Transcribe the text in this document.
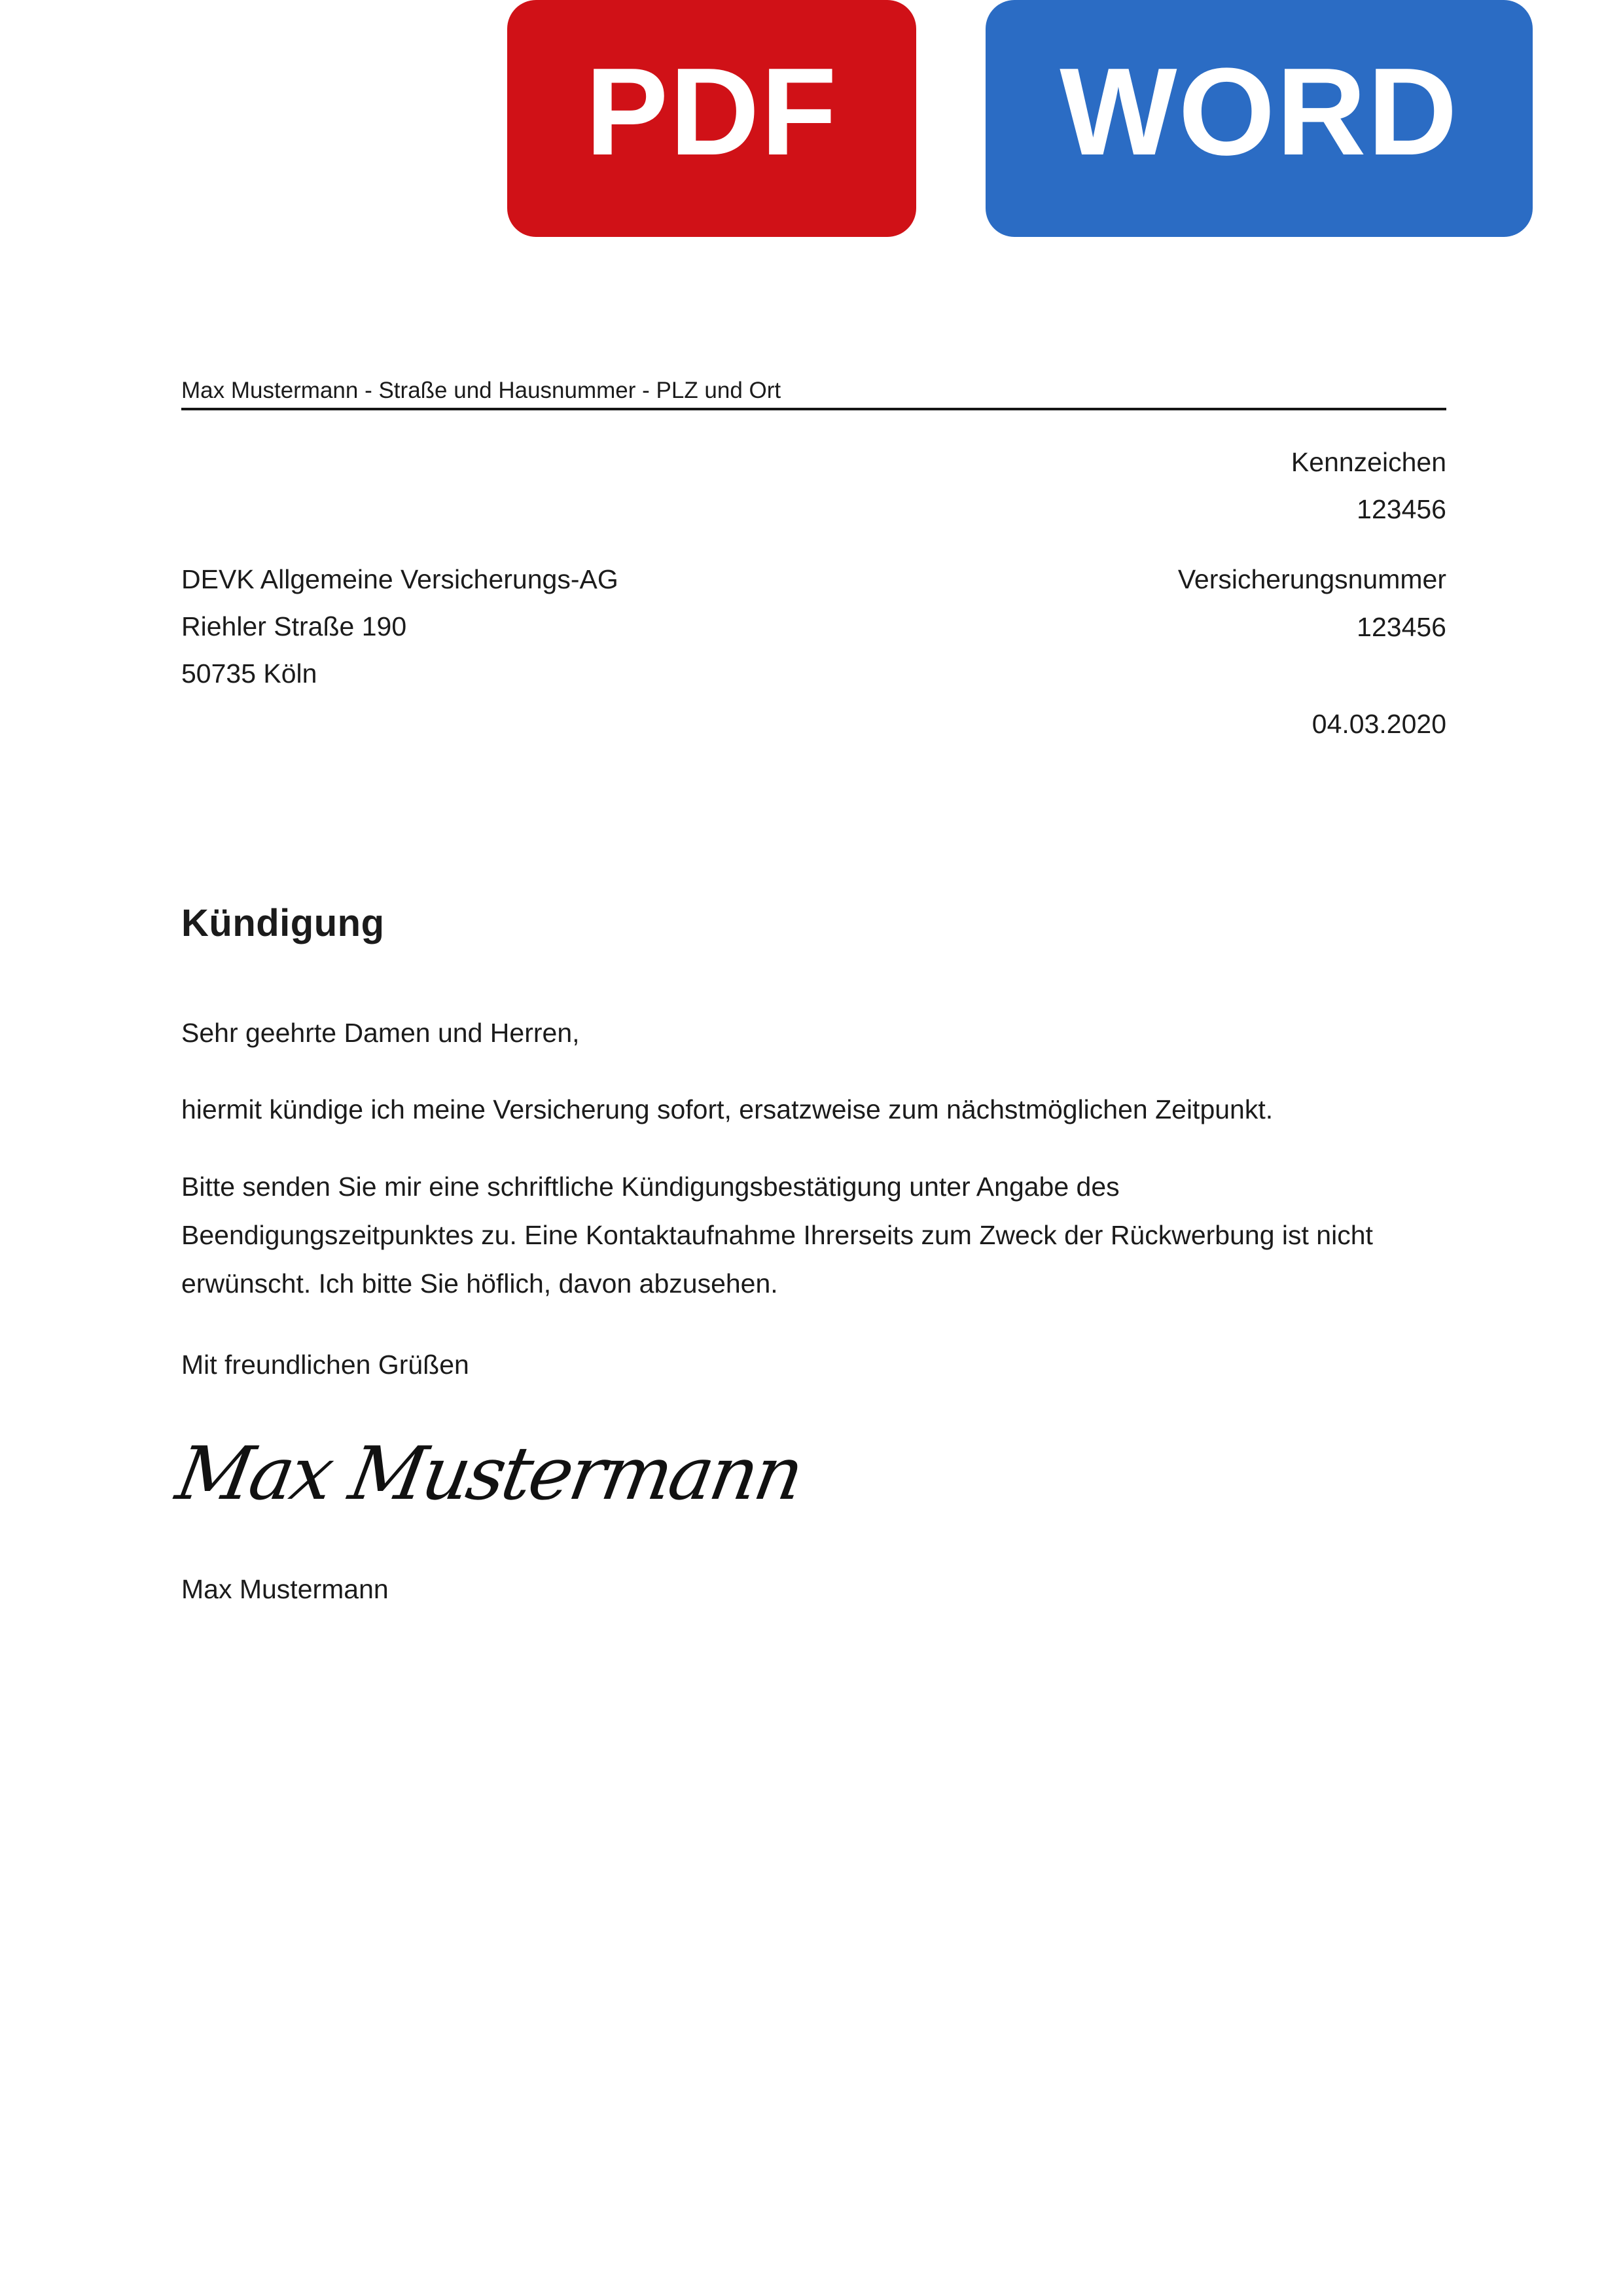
PDF WORD
Max Mustermann - Straße und Hausnummer - PLZ und Ort
Kennzeichen
123456
Versicherungsnummer
123456
04.03.2020
DEVK Allgemeine Versicherungs-AG
Riehler Straße 190
50735 Köln
Kündigung
Sehr geehrte Damen und Herren,
hiermit kündige ich meine Versicherung sofort, ersatzweise zum nächstmöglichen Zeitpunkt.
Bitte senden Sie mir eine schriftliche Kündigungsbestätigung unter Angabe des
Beendigungszeitpunktes zu. Eine Kontaktaufnahme Ihrerseits zum Zweck der Rückwerbung ist nicht
erwünscht. Ich bitte Sie höflich, davon abzusehen.
Mit freundlichen Grüßen
Max Mustermann
Max Mustermann
